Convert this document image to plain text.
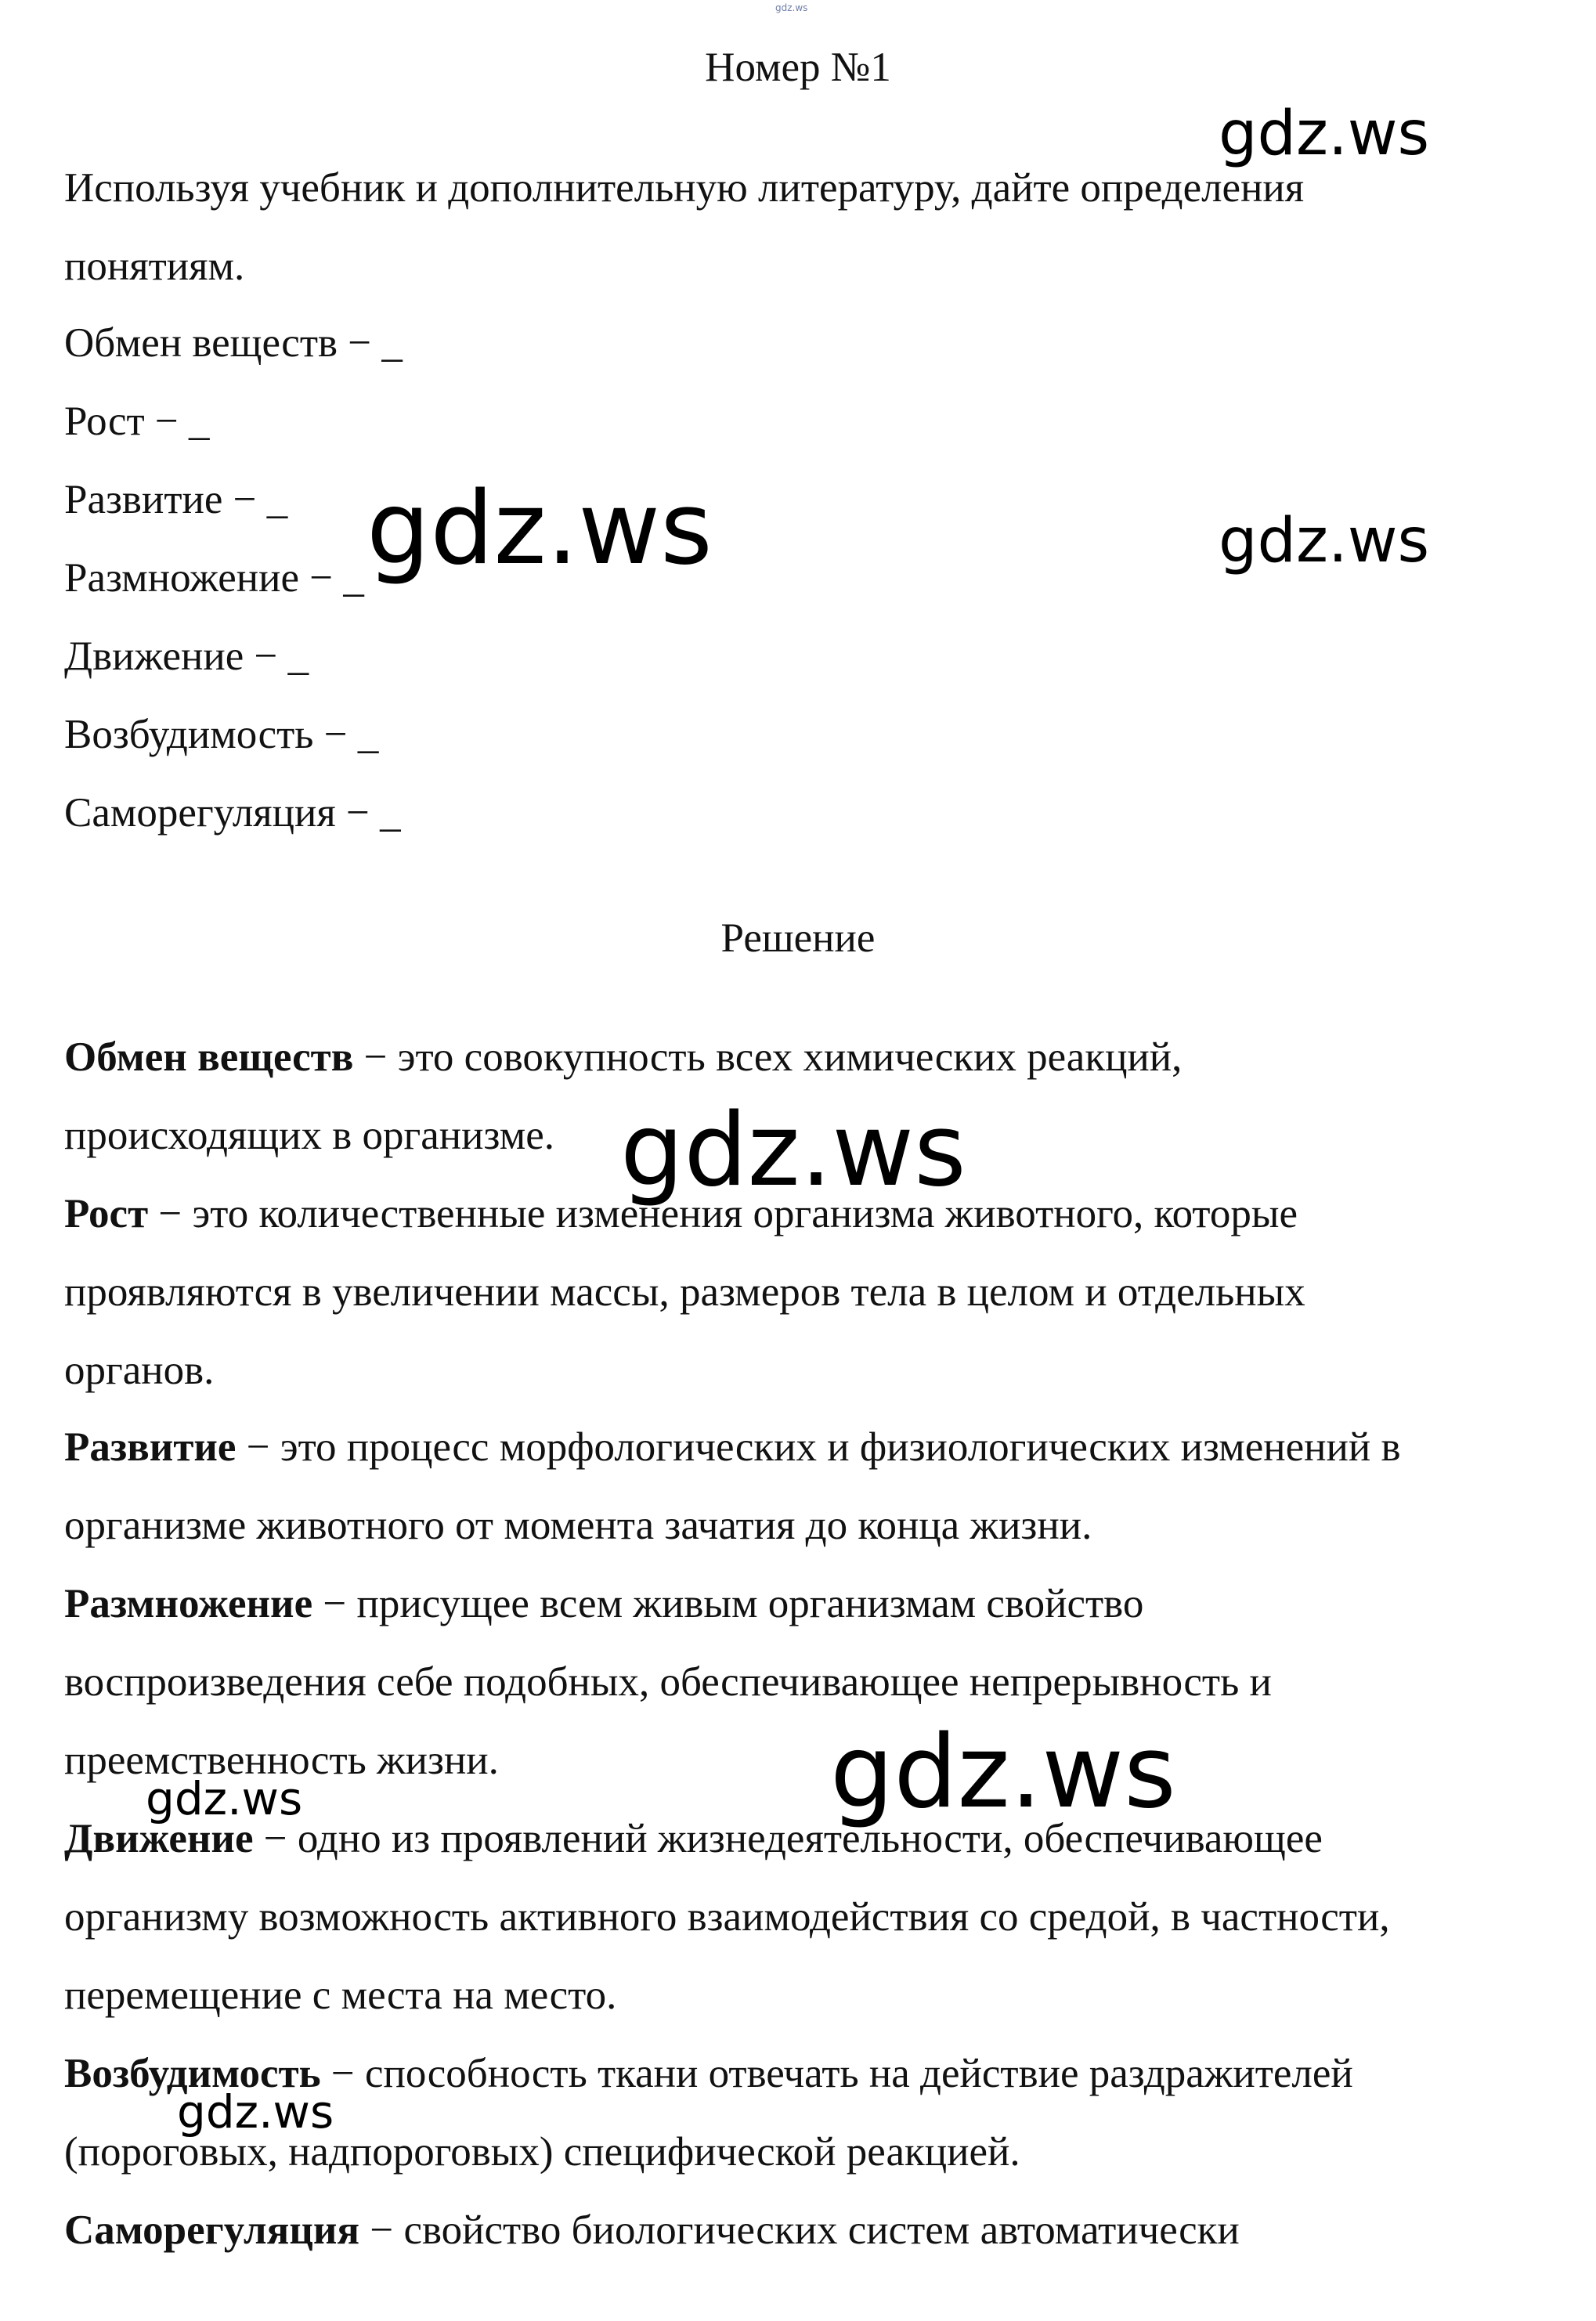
gdz.ws
Номер №1
Используя учебник и дополнительную литературу, дайте определения
понятиям.
Обмен веществ − _
Рост − _
Развитие − _
Размножение − _
Движение − _
Возбудимость − _
Саморегуляция − _
Решение
Обмен веществ − это совокупность всех химических реакций,
происходящих в организме.
Рост − это количественные изменения организма животного, которые
проявляются в увеличении массы, размеров тела в целом и отдельных
органов.
Развитие − это процесс морфологических и физиологических изменений в
организме животного от момента зачатия до конца жизни.
Размножение − присущее всем живым организмам свойство
воспроизведения себе подобных, обеспечивающее непрерывность и
преемственность жизни.
Движение − одно из проявлений жизнедеятельности, обеспечивающее
организму возможность активного взаимодействия со средой, в частности,
перемещение с места на место.
Возбудимость − способность ткани отвечать на действие раздражителей
(пороговых, надпороговых) специфической реакцией.
Саморегуляция − свойство биологических систем автоматически
gdz.ws
gdz.ws	gdz.ws
gdz.ws
gdz.ws
gdz.ws
gdz.ws
